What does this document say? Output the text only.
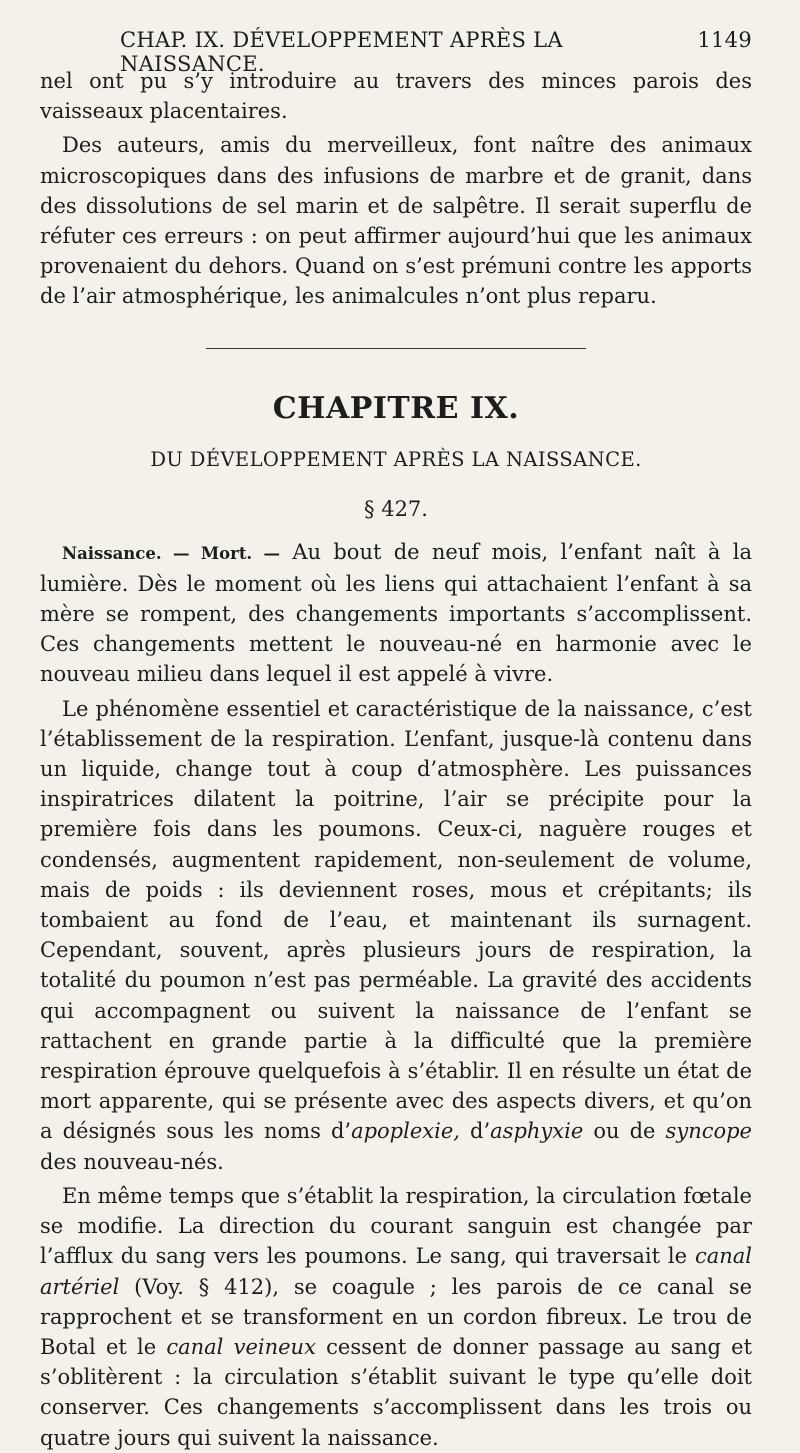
CHAP. IX. DÉVELOPPEMENT APRÈS LA NAISSANCE.
1149

nel ont pu s’y introduire au travers des minces parois des vaisseaux placentaires.

Des auteurs, amis du merveilleux, font naître des animaux microscopiques dans des infusions de marbre et de granit, dans des dissolutions de sel marin et de salpêtre. Il serait superflu de réfuter ces erreurs : on peut affirmer aujourd’hui que les animaux provenaient du dehors. Quand on s’est prémuni contre les apports de l’air atmosphérique, les animalcules n’ont plus reparu.

CHAPITRE IX.
DU DÉVELOPPEMENT APRÈS LA NAISSANCE.
§ 427.

Naissance. — Mort. — Au bout de neuf mois, l’enfant naît à la lumière. Dès le moment où les liens qui attachaient l’enfant à sa mère se rompent, des changements importants s’accomplissent. Ces changements mettent le nouveau-né en harmonie avec le nouveau milieu dans lequel il est appelé à vivre.

Le phénomène essentiel et caractéristique de la naissance, c’est l’établissement de la respiration. L’enfant, jusque-là contenu dans un liquide, change tout à coup d’atmosphère. Les puissances inspiratrices dilatent la poitrine, l’air se précipite pour la première fois dans les poumons. Ceux-ci, naguère rouges et condensés, augmentent rapidement, non-seulement de volume, mais de poids : ils deviennent roses, mous et crépitants; ils tombaient au fond de l’eau, et maintenant ils surnagent. Cependant, souvent, après plusieurs jours de respiration, la totalité du poumon n’est pas perméable. La gravité des accidents qui accompagnent ou suivent la naissance de l’enfant se rattachent en grande partie à la difficulté que la première respiration éprouve quelquefois à s’établir. Il en résulte un état de mort apparente, qui se présente avec des aspects divers, et qu’on a désignés sous les noms d’apoplexie, d’asphyxie ou de syncope des nouveau-nés.

En même temps que s’établit la respiration, la circulation fœtale se modifie. La direction du courant sanguin est changée par l’afflux du sang vers les poumons. Le sang, qui traversait le canal artériel (Voy. § 412), se coagule ; les parois de ce canal se rapprochent et se transforment en un cordon fibreux. Le trou de Botal et le canal veineux cessent de donner passage au sang et s’oblitèrent : la circulation s’établit suivant le type qu’elle doit conserver. Ces changements s’accomplissent dans les trois ou quatre jours qui suivent la naissance.
